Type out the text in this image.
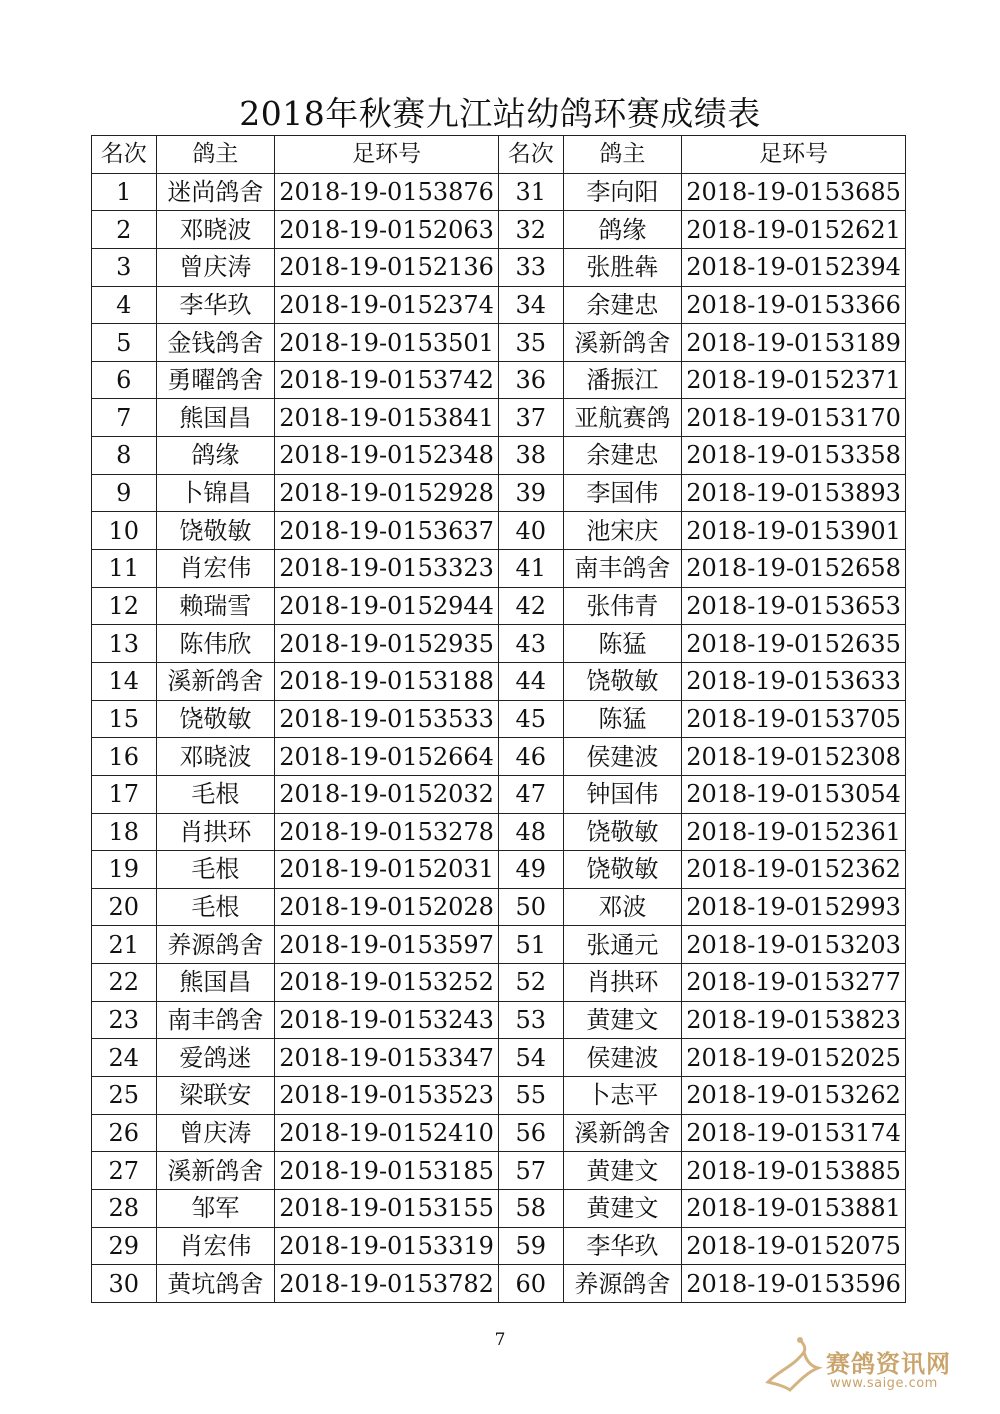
2018年秋赛九江站幼鸽环赛成绩表
名次	鸽主	足环号	名次	鸽主	足环号
1	迷尚鸽舍	2018-19-0153876	31	李向阳	2018-19-0153685
2	邓晓波	2018-19-0152063	32	鸽缘	2018-19-0152621
3	曾庆涛	2018-19-0152136	33	张胜犇	2018-19-0152394
4	李华玖	2018-19-0152374	34	余建忠	2018-19-0153366
5	金钱鸽舍	2018-19-0153501	35	溪新鸽舍	2018-19-0153189
6	勇曜鸽舍	2018-19-0153742	36	潘振江	2018-19-0152371
7	熊国昌	2018-19-0153841	37	亚航赛鸽	2018-19-0153170
8	鸽缘	2018-19-0152348	38	余建忠	2018-19-0153358
9	卜锦昌	2018-19-0152928	39	李国伟	2018-19-0153893
10	饶敬敏	2018-19-0153637	40	池宋庆	2018-19-0153901
11	肖宏伟	2018-19-0153323	41	南丰鸽舍	2018-19-0152658
12	赖瑞雪	2018-19-0152944	42	张伟青	2018-19-0153653
13	陈伟欣	2018-19-0152935	43	陈猛	2018-19-0152635
14	溪新鸽舍	2018-19-0153188	44	饶敬敏	2018-19-0153633
15	饶敬敏	2018-19-0153533	45	陈猛	2018-19-0153705
16	邓晓波	2018-19-0152664	46	侯建波	2018-19-0152308
17	毛根	2018-19-0152032	47	钟国伟	2018-19-0153054
18	肖拱环	2018-19-0153278	48	饶敬敏	2018-19-0152361
19	毛根	2018-19-0152031	49	饶敬敏	2018-19-0152362
20	毛根	2018-19-0152028	50	邓波	2018-19-0152993
21	养源鸽舍	2018-19-0153597	51	张通元	2018-19-0153203
22	熊国昌	2018-19-0153252	52	肖拱环	2018-19-0153277
23	南丰鸽舍	2018-19-0153243	53	黄建文	2018-19-0153823
24	爱鸽迷	2018-19-0153347	54	侯建波	2018-19-0152025
25	梁联安	2018-19-0153523	55	卜志平	2018-19-0153262
26	曾庆涛	2018-19-0152410	56	溪新鸽舍	2018-19-0153174
27	溪新鸽舍	2018-19-0153185	57	黄建文	2018-19-0153885
28	邹军	2018-19-0153155	58	黄建文	2018-19-0153881
29	肖宏伟	2018-19-0153319	59	李华玖	2018-19-0152075
30	黄坑鸽舍	2018-19-0153782	60	养源鸽舍	2018-19-0153596
7
赛鸽资讯网
www.saige.com
